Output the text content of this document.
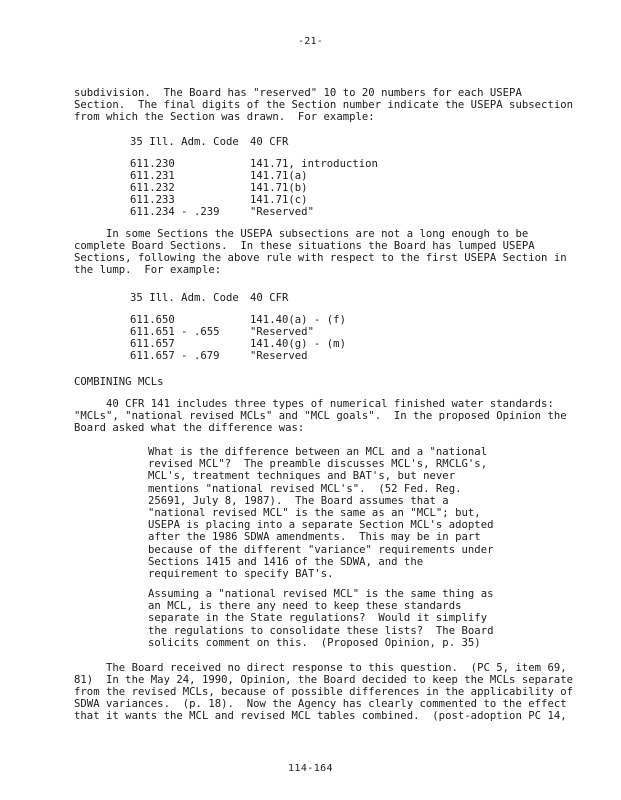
-21-
subdivision.  The Board has "reserved" 10 to 20 numbers for each USEPA
Section.  The final digits of the Section number indicate the USEPA subsection
from which the Section was drawn.  For example:
35 Ill. Adm. Code 40 CFR
611.230	141.71, introduction
611.231	141.71(a)
611.232	141.71(b)
611.233	141.71(c)
611.234 - .239	"Reserved"
In some Sections the USEPA subsections are not a long enough to be
complete Board Sections.  In these situations the Board has lumped USEPA
Sections, following the above rule with respect to the first USEPA Section in
the lump.  For example:
35 Ill. Adm. Code 40 CFR
611.650	141.40(a) - (f)
611.651 - .655	"Reserved"
611.657	141.40(g) - (m)
611.657 - .679	"Reserved
COMBINING MCLs
40 CFR 141 includes three types of numerical finished water standards:
"MCLs", "national revised MCLs" and "MCL goals".  In the proposed Opinion the
Board asked what the difference was:
What is the difference between an MCL and a "national
revised MCL"?  The preamble discusses MCL's, RMCLG's,
MCL's, treatment techniques and BAT's, but never
mentions "national revised MCL's".  (52 Fed. Reg.
25691, July 8, 1987).  The Board assumes that a
"national revised MCL" is the same as an "MCL"; but,
USEPA is placing into a separate Section MCL's adopted
after the 1986 SDWA amendments.  This may be in part
because of the different "variance" requirements under
Sections 1415 and 1416 of the SDWA, and the
requirement to specify BAT's.
Assuming a "national revised MCL" is the same thing as
an MCL, is there any need to keep these standards
separate in the State regulations?  Would it simplify
the regulations to consolidate these lists?  The Board
solicits comment on this.  (Proposed Opinion, p. 35)
The Board received no direct response to this question.  (PC 5, item 69,
81)  In the May 24, 1990, Opinion, the Board decided to keep the MCLs separate
from the revised MCLs, because of possible differences in the applicability of
SDWA variances.  (p. 18).  Now the Agency has clearly commented to the effect
that it wants the MCL and revised MCL tables combined.  (post-adoption PC 14,
114-164
